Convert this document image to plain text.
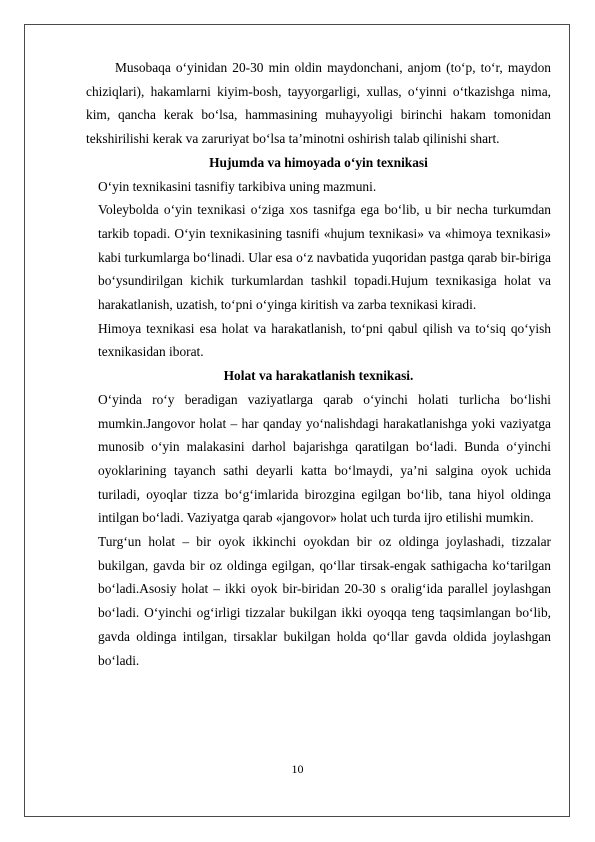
Musobaqa o‘yinidan 20-30 min oldin maydonchani, anjom (to‘p, to‘r, maydon chiziqlari), hakamlarni kiyim-bosh, tayyorgarligi, xullas, o‘yinni o‘tkazishga nima, kim, qancha kerak bo‘lsa, hammasining muhayyoligi birinchi hakam tomonidan tekshirilishi kerak va zaruriyat bo‘lsa ta’minotni oshirish talab qilinishi shart.

Hujumda va himoyada o‘yin texnikasi

O‘yin texnikasini tasnifiy tarkibiva uning mazmuni.

Voleybolda o‘yin texnikasi o‘ziga xos tasnifga ega bo‘lib, u bir necha turkumdan tarkib topadi. O‘yin texnikasining tasnifi «hujum texnikasi» va «himoya texnikasi» kabi turkumlarga bo‘linadi. Ular esa o‘z navbatida yuqoridan pastga qarab bir-biriga bo‘ysundirilgan kichik turkumlardan tashkil topadi.Hujum texnikasiga holat va harakatlanish, uzatish, to‘pni o‘yinga kiritish va zarba texnikasi kiradi.

Himoya texnikasi esa holat va harakatlanish, to‘pni qabul qilish va to‘siq qo‘yish texnikasidan iborat.

Holat va harakatlanish texnikasi.

O‘yinda ro‘y beradigan vaziyatlarga qarab o‘yinchi holati turlicha bo‘lishi mumkin.Jangovor holat – har qanday yo‘nalishdagi harakatlanishga yoki vaziyatga munosib o‘yin malakasini darhol bajarishga qaratilgan bo‘ladi. Bunda o‘yinchi oyoklarining tayanch sathi deyarli katta bo‘lmaydi, ya’ni salgina oyok uchida turiladi, oyoqlar tizza bo‘g‘imlarida birozgina egilgan bo‘lib, tana hiyol oldinga intilgan bo‘ladi. Vaziyatga qarab «jangovor» holat uch turda ijro etilishi mumkin.

Turg‘un holat – bir oyok ikkinchi oyokdan bir oz oldinga joylashadi, tizzalar bukilgan, gavda bir oz oldinga egilgan, qo‘llar tirsak-engak sathigacha ko‘tarilgan bo‘ladi.Asosiy holat – ikki oyok bir-biridan 20-30 s oralig‘ida parallel joylashgan bo‘ladi. O‘yinchi og‘irligi tizzalar bukilgan ikki oyoqqa teng taqsimlangan bo‘lib, gavda oldinga intilgan, tirsaklar bukilgan holda qo‘llar gavda oldida joylashgan bo‘ladi.

10
